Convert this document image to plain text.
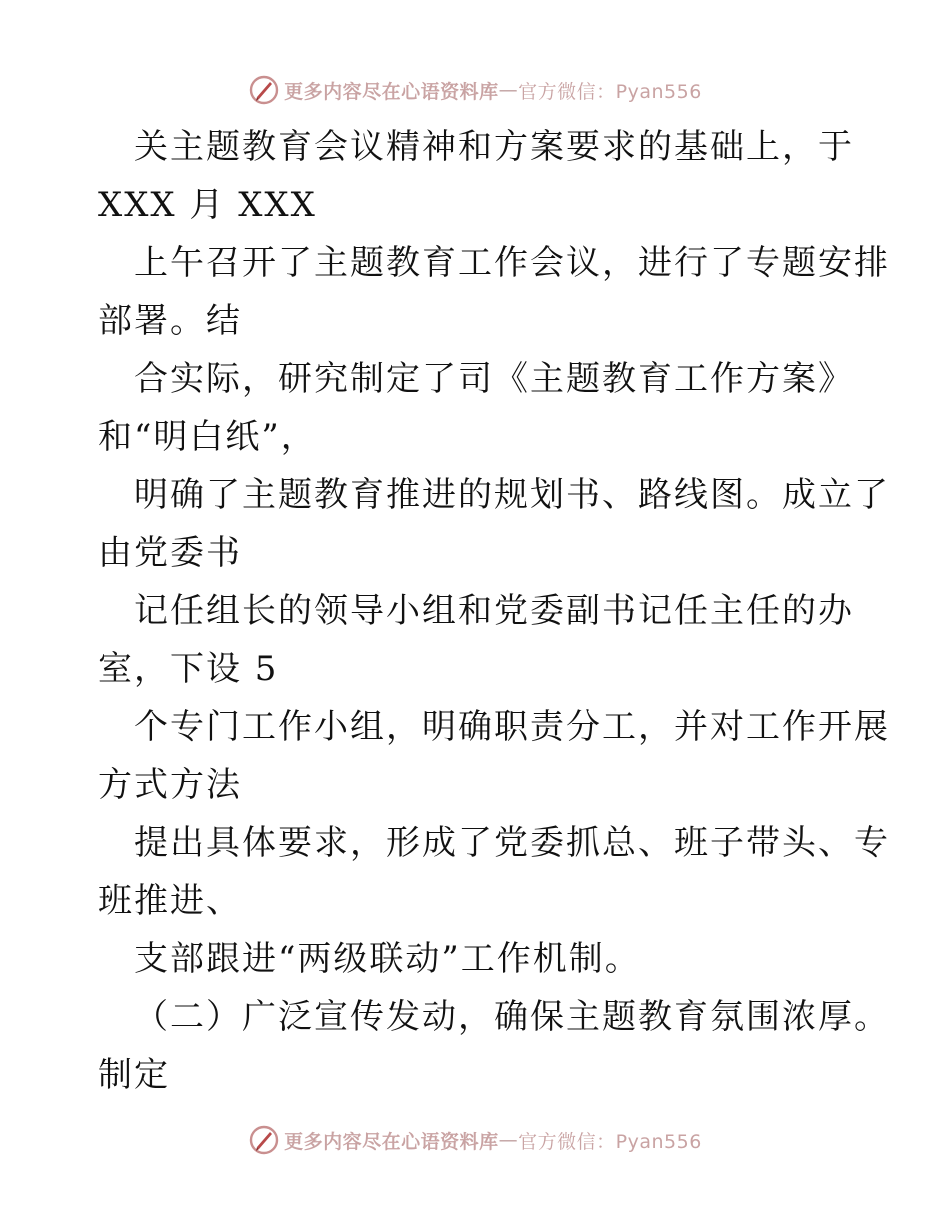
更多内容尽在心语资料库 — 官方微信：Pyan556
关主题教育会议精神和方案要求的基础上，于
XXX 月 XXX
上午召开了主题教育工作会议，进行了专题安排
部署。结
合实际，研究制定了司《主题教育工作方案》
和“明白纸”，
明确了主题教育推进的规划书、路线图。成立了
由党委书
记任组长的领导小组和党委副书记任主任的办
室，下设 5
个专门工作小组，明确职责分工，并对工作开展
方式方法
提出具体要求，形成了党委抓总、班子带头、专
班推进、
支部跟进“两级联动”工作机制。
（二）广泛宣传发动，确保主题教育氛围浓厚。
制定
更多内容尽在心语资料库 — 官方微信：Pyan556
